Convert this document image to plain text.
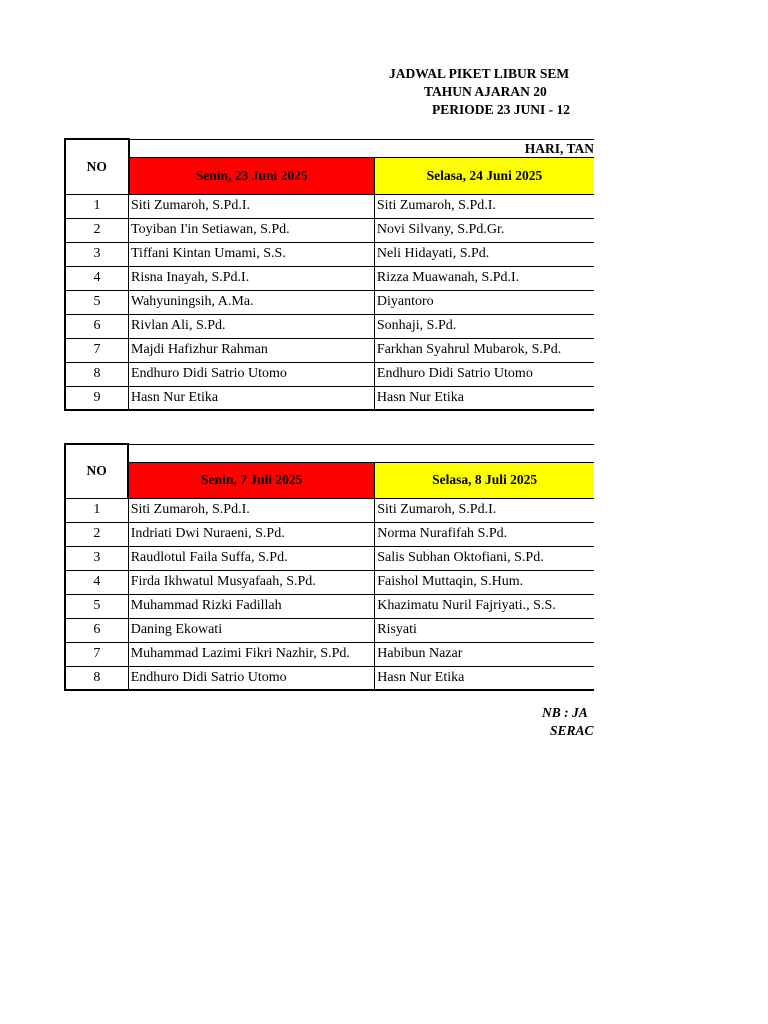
JADWAL PIKET LIBUR SEM
TAHUN AJARAN 20
PERIODE 23 JUNI - 12
NO	HARI, TAN	
	Senin, 23 Juni 2025	Selasa, 24 Juni 2025
1	Siti Zumaroh, S.Pd.I.	Siti Zumaroh, S.Pd.I.
2	Toyiban I'in Setiawan, S.Pd.	Novi Silvany, S.Pd.Gr.
3	Tiffani Kintan Umami, S.S.	Neli Hidayati, S.Pd.
4	Risna Inayah, S.Pd.I.	Rizza Muawanah, S.Pd.I.
5	Wahyuningsih, A.Ma.	Diyantoro
6	Rivlan Ali, S.Pd.	Sonhaji, S.Pd.
7	Majdi Hafizhur Rahman	Farkhan Syahrul Mubarok, S.Pd.
8	Endhuro Didi Satrio Utomo	Endhuro Didi Satrio Utomo
9	Hasn Nur Etika	Hasn Nur Etika
NO		
	Senin, 7 Juli 2025	Selasa, 8 Juli 2025
1	Siti Zumaroh, S.Pd.I.	Siti Zumaroh, S.Pd.I.
2	Indriati Dwi Nuraeni, S.Pd.	Norma Nurafifah S.Pd.
3	Raudlotul Faila Suffa, S.Pd.	Salis Subhan Oktofiani, S.Pd.
4	Firda Ikhwatul Musyafaah, S.Pd.	Faishol Muttaqin, S.Hum.
5	Muhammad Rizki Fadillah	Khazimatu Nuril Fajriyati., S.S.
6	Daning Ekowati	Risyati
7	Muhammad Lazimi Fikri Nazhir, S.Pd.	Habibun Nazar
8	Endhuro Didi Satrio Utomo	Hasn Nur Etika
NB : JA
SERAC
